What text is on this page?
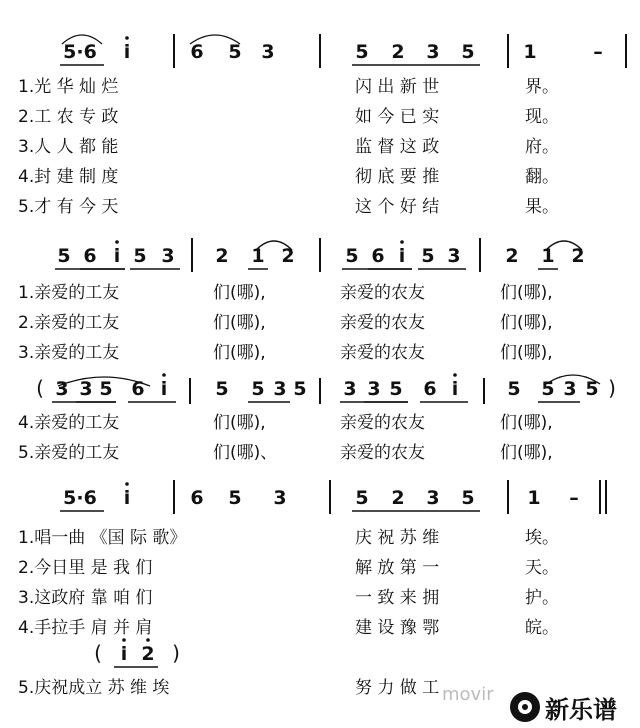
5·6 i	6 5 3	5 2 3 5	1	–
1.光 华 灿 烂	闪 出 新 世	界。
2.工 农 专 政	如 今 已 实	现。
3.人 人 都 能	监 督 这 政	府。
4.封 建 制 度	彻 底 要 推	翻。
5.才 有 今 天	这 个 好 结	果。
5 6 i 5 3 2 1 2	5 6 i 5 3 2 1 2
1.亲爱的工友	们(哪),	亲爱的农友	们(哪),
2.亲爱的工友	们(哪),	亲爱的农友	们(哪),
3.亲爱的工友	们(哪),	亲爱的农友	们(哪),
( 3 3 5 6 i	5 5 3 5 3 3 5 6 i	5 5 3 5 )
4.亲爱的工友	们(哪),	亲爱的农友	们(哪),
5.亲爱的工友	们(哪)、	亲爱的农友	们(哪),
5·6 i	6 5 3	5 2 3 5	1 –
1.唱一曲 《国 际 歌》	庆 祝 苏 维	埃。
2.今日里 是 我 们	解 放 第 一	天。
3.这政府 靠 咱 们	一 致 来 拥	护。
4.手拉手 肩 并 肩	建 设 豫 鄂	皖。
5.庆祝成立 苏 维 埃	努 力 做 工
( i 2 )
movir
新乐谱
